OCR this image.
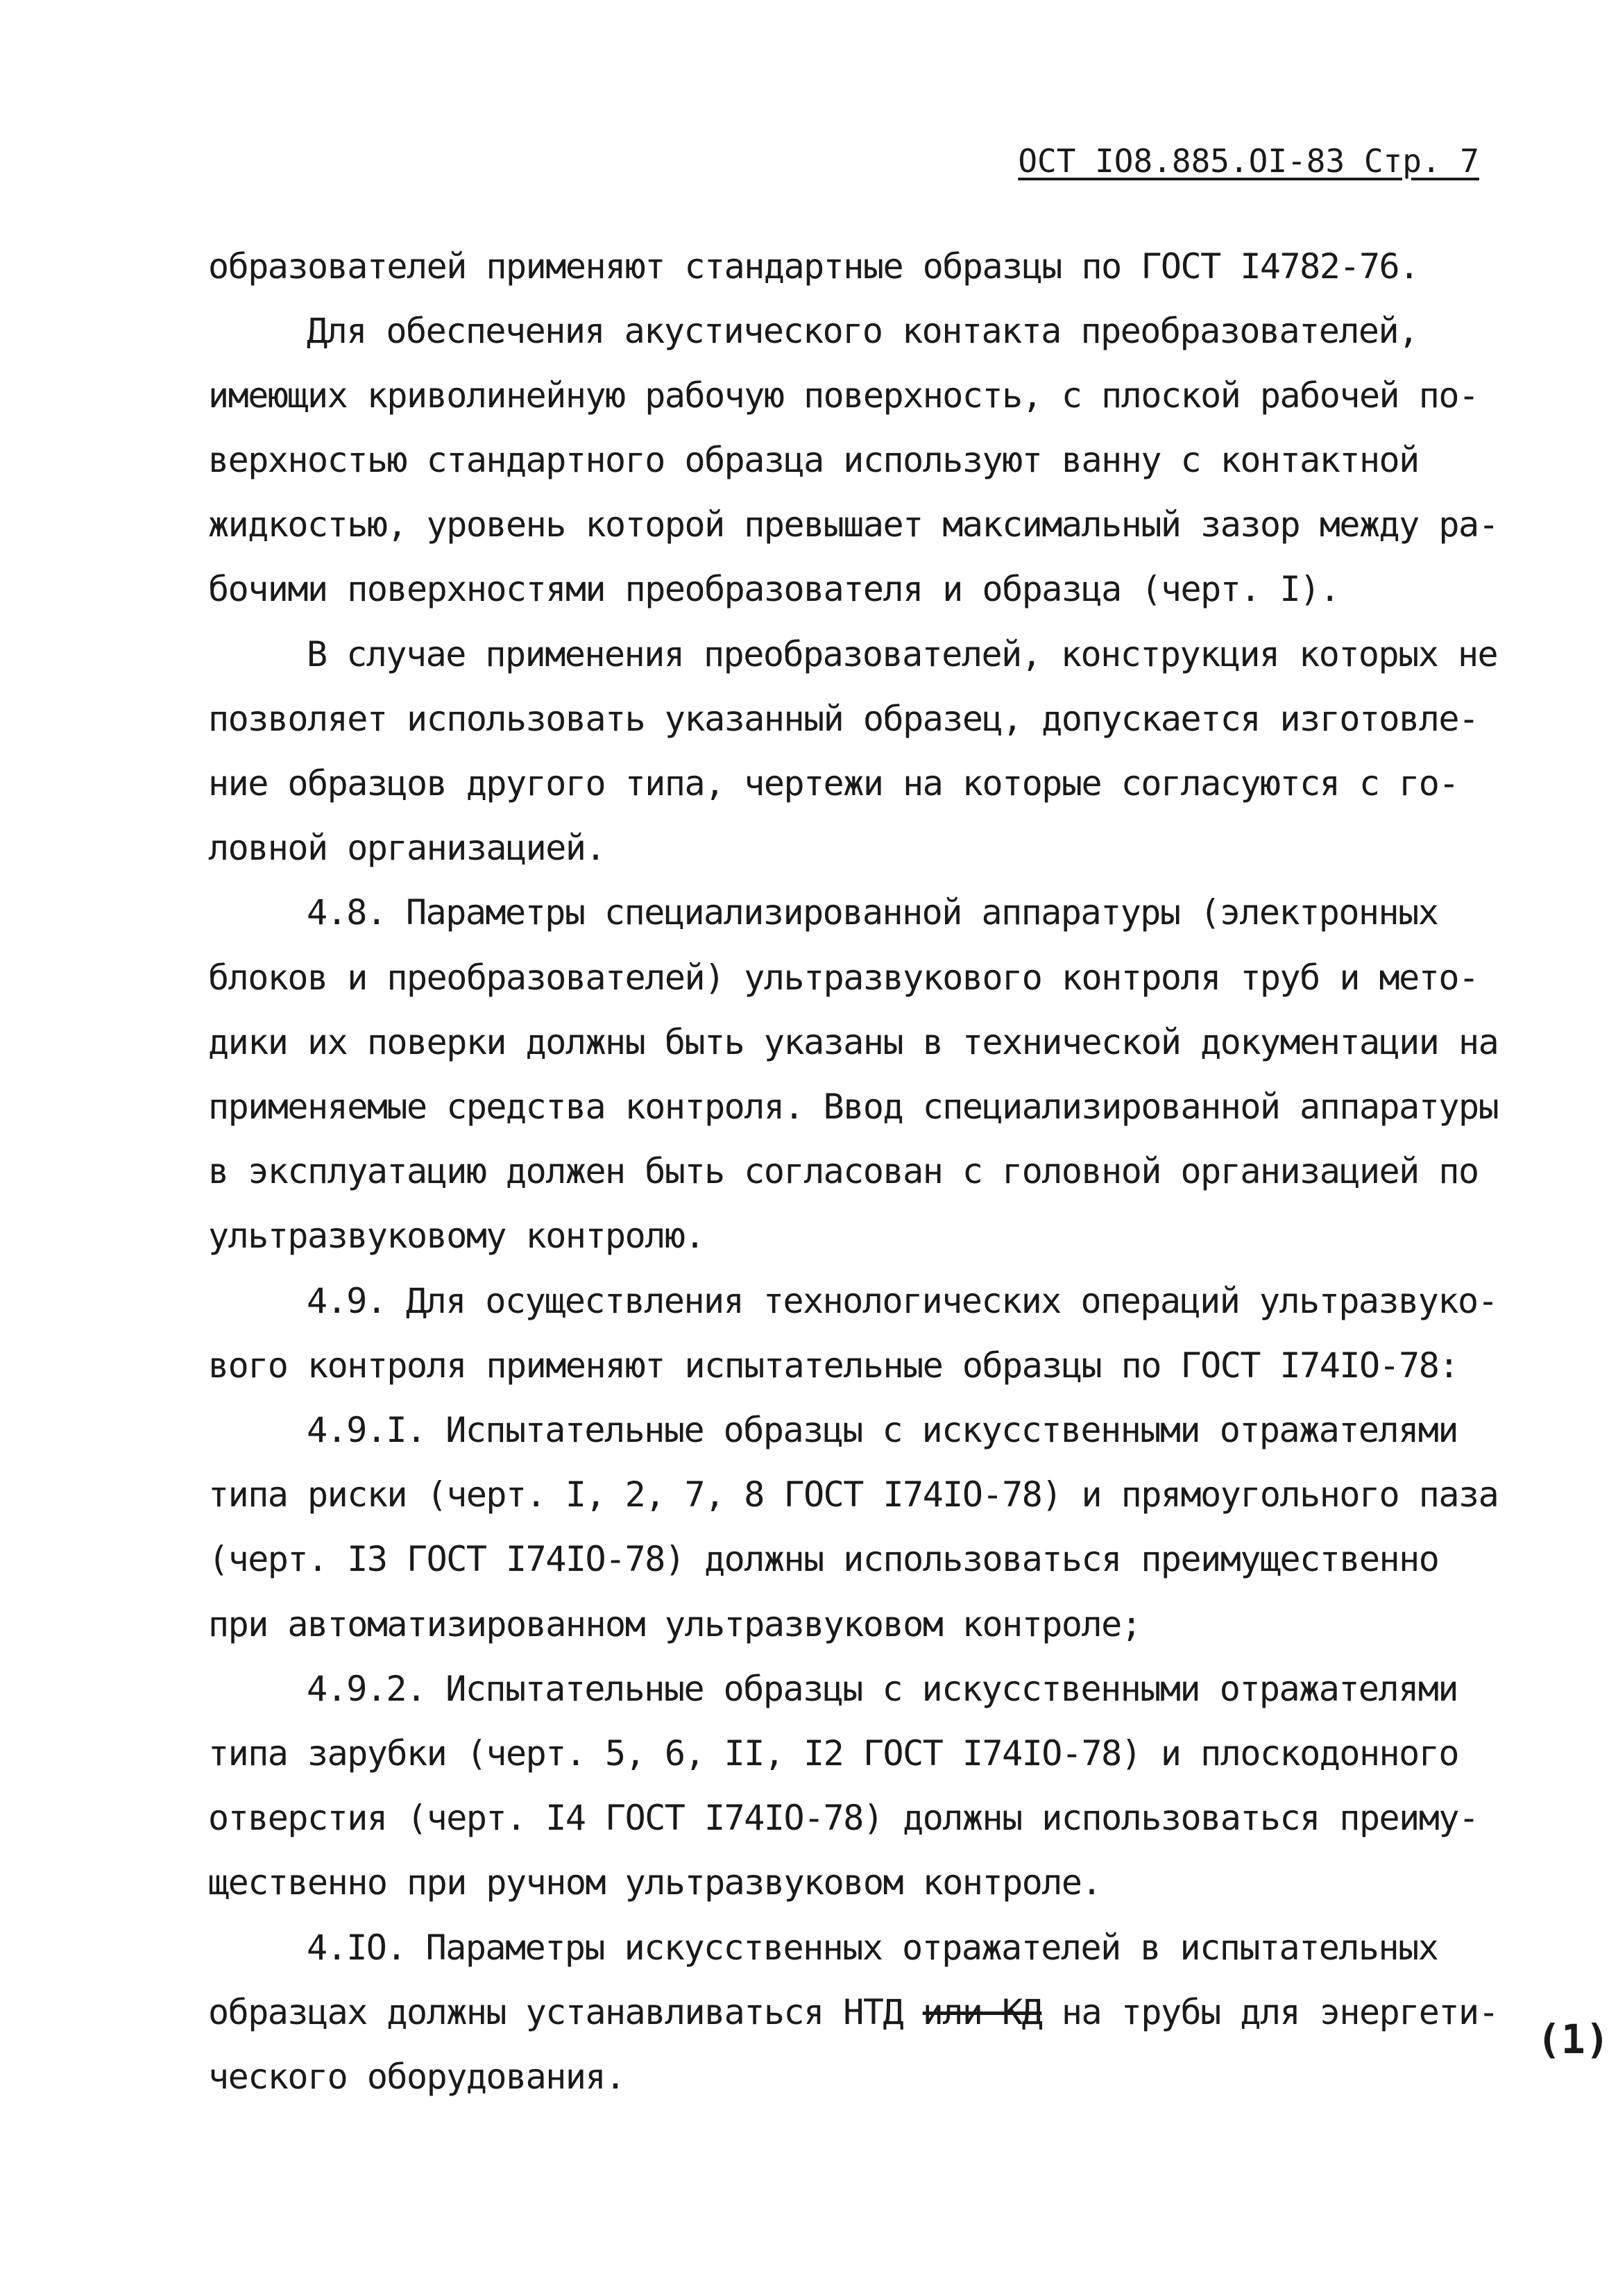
ОСТ IO8.885.OI-83 Стр. 7
образователей применяют стандартные образцы по ГОСТ I4782-76.
Для обеспечения акустического контакта преобразователей,
имеющих криволинейную рабочую поверхность, с плоской рабочей по-
верхностью стандартного образца используют ванну с контактной
жидкостью, уровень которой превышает максимальный зазор между ра-
бочими поверхностями преобразователя и образца (черт. I).
В случае применения преобразователей, конструкция которых не
позволяет использовать указанный образец, допускается изготовле-
ние образцов другого типа, чертежи на которые согласуются с го-
ловной организацией.
4.8. Параметры специализированной аппаратуры (электронных
блоков и преобразователей) ультразвукового контроля труб и мето-
дики их поверки должны быть указаны в технической документации на
применяемые средства контроля. Ввод специализированной аппаратуры
в эксплуатацию должен быть согласован с головной организацией по
ультразвуковому контролю.
4.9. Для осуществления технологических операций ультразвуко-
вого контроля применяют испытательные образцы по ГОСТ I74IO-78:
4.9.I. Испытательные образцы с искусственными отражателями
типа риски (черт. I, 2, 7, 8 ГОСТ I74IO-78) и прямоугольного паза
(черт. I3 ГОСТ I74IO-78) должны использоваться преимущественно
при автоматизированном ультразвуковом контроле;
4.9.2. Испытательные образцы с искусственными отражателями
типа зарубки (черт. 5, 6, II, I2 ГОСТ I74IO-78) и плоскодонного
отверстия (черт. I4 ГОСТ I74IO-78) должны использоваться преиму-
щественно при ручном ультразвуковом контроле.
4.IO. Параметры искусственных отражателей в испытательных
образцах должны устанавливаться НТД или КД на трубы для энергети-
ческого оборудования.
(1)
